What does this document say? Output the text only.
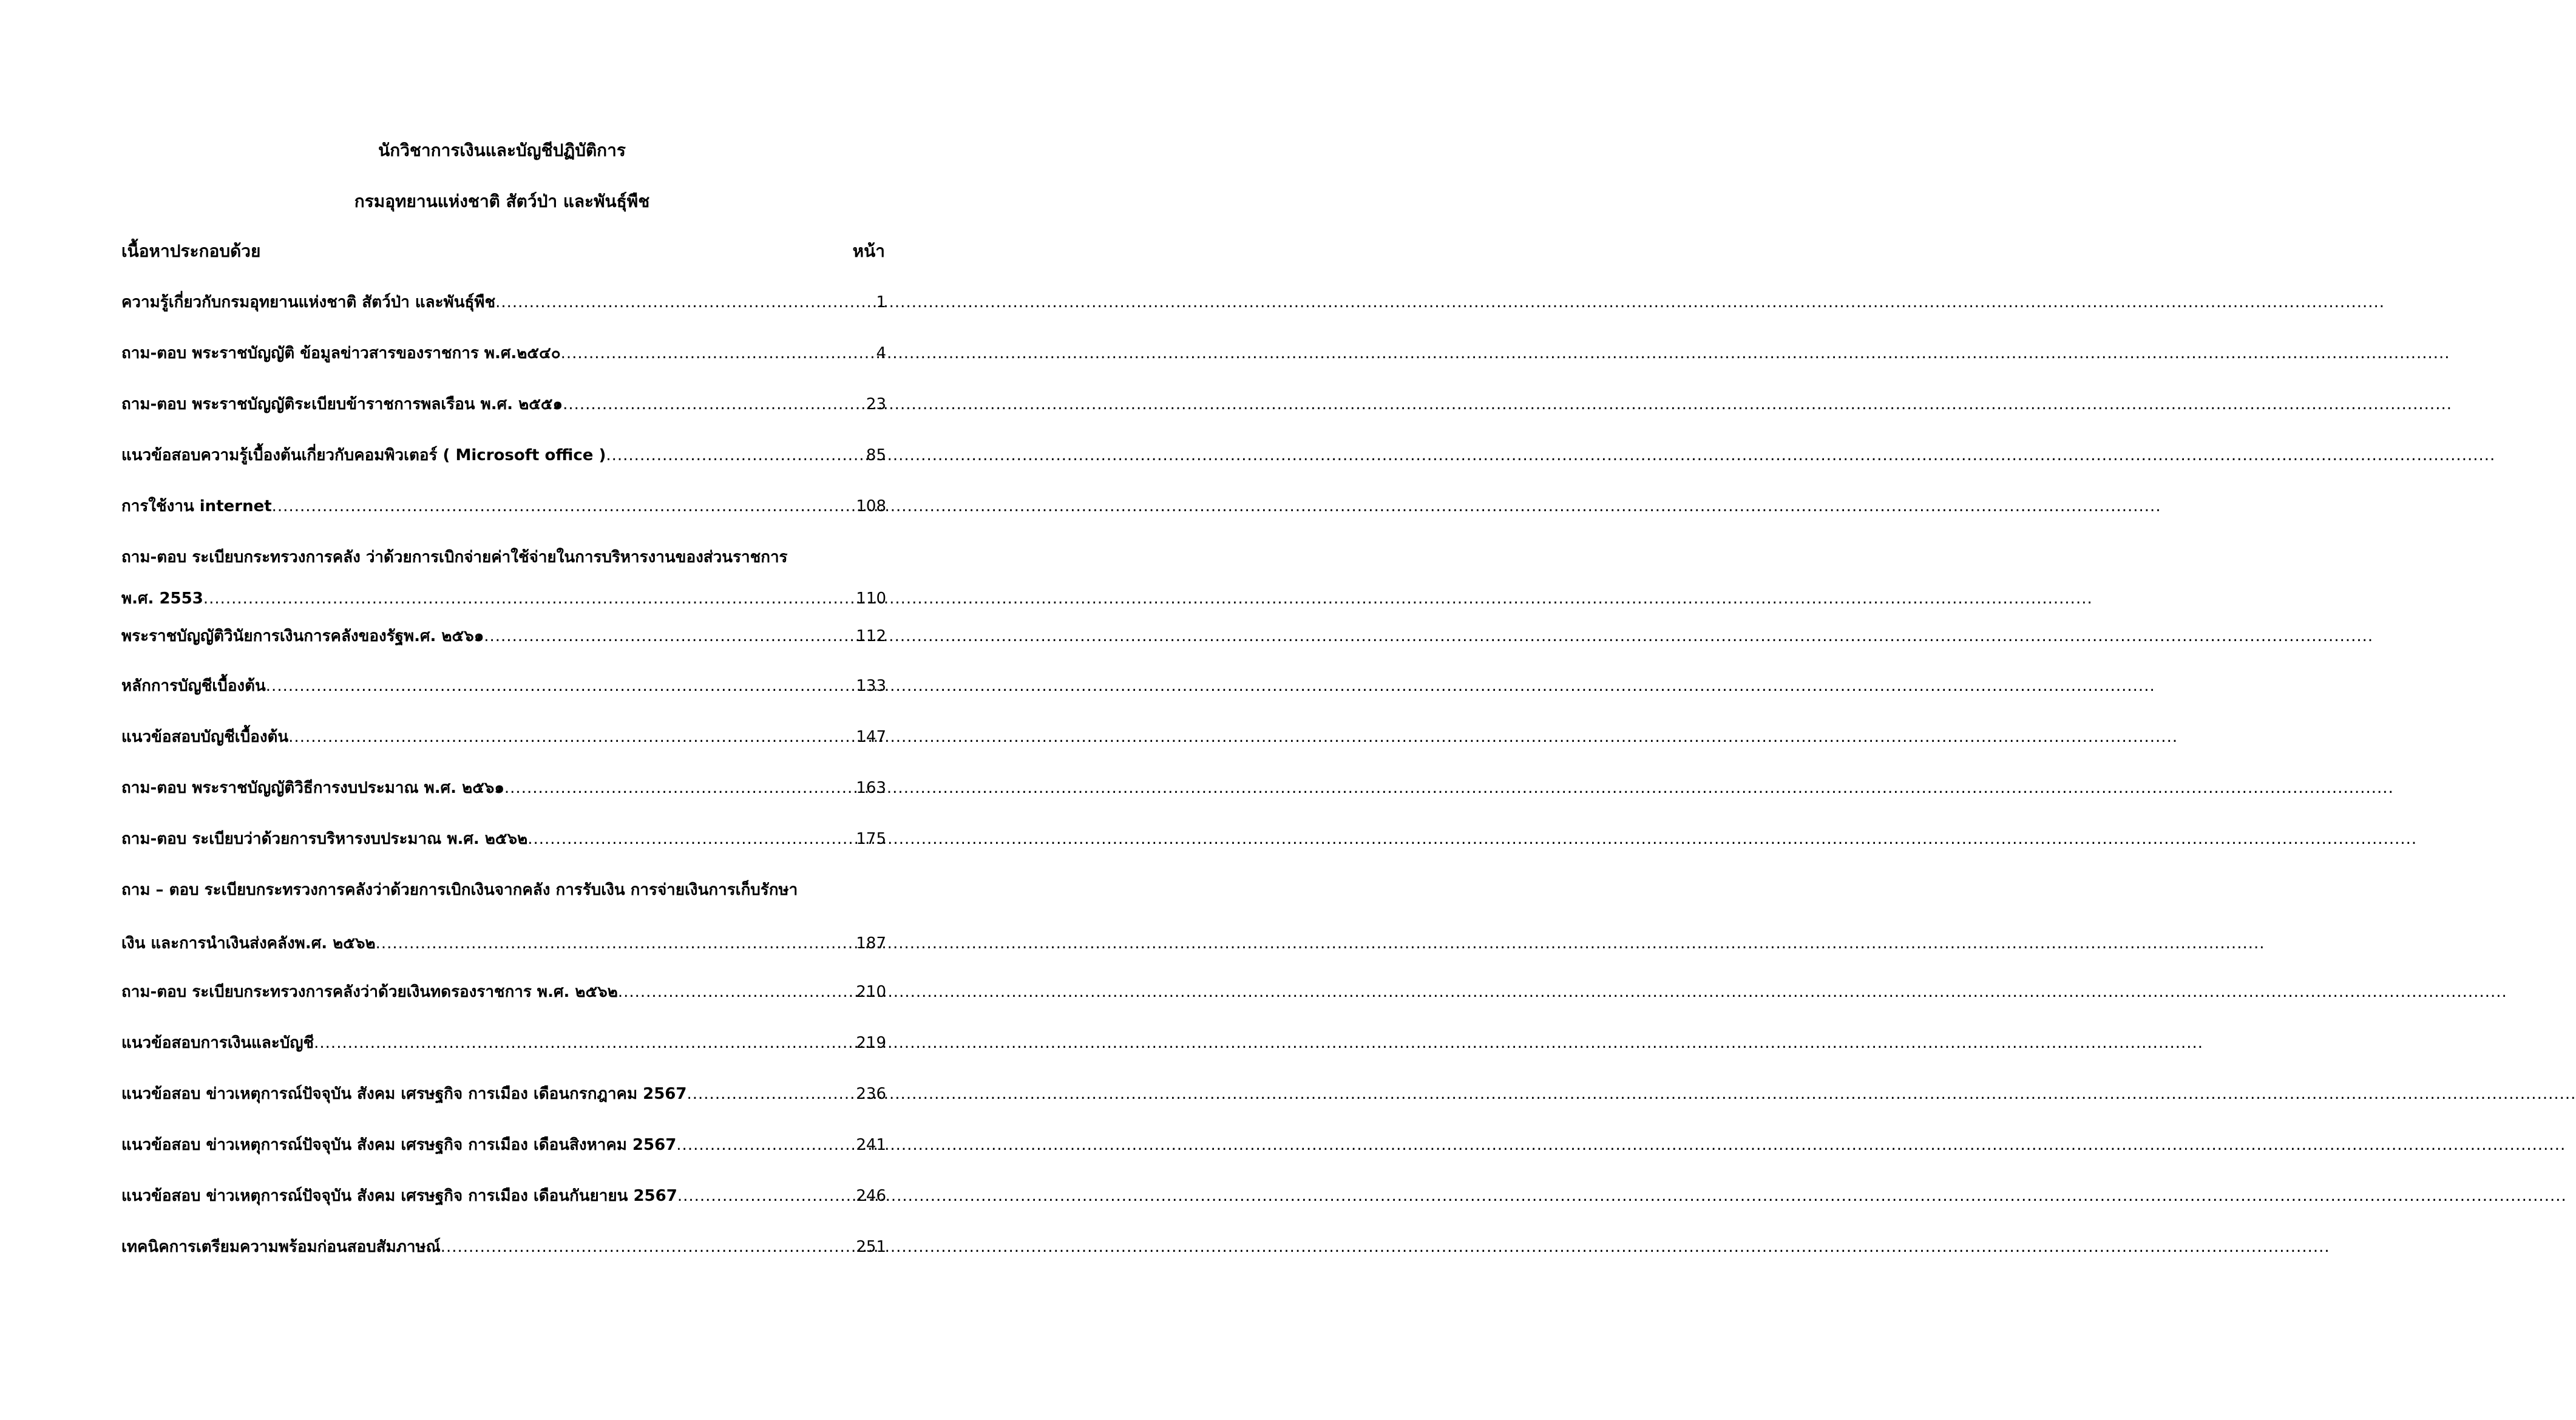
นักวิชาการเงินและบัญชีปฏิบัติการ
กรมอุทยานแห่งชาติ สัตว์ป่า และพันธุ์พืช
เนื้อหาประกอบด้วย	หน้า
ความรู้เกี่ยวกับกรมอุทยานแห่งชาติ สัตว์ป่า และพันธุ์พืช .....	1
ถาม-ตอบ พระราชบัญญัติ ข้อมูลข่าวสารของราชการ พ.ศ.๒๕๔๐ .....	4
ถาม-ตอบ พระราชบัญญัติระเบียบข้าราชการพลเรือน พ.ศ. ๒๕๕๑ .....	23
แนวข้อสอบความรู้เบื้องต้นเกี่ยวกับคอมพิวเตอร์ ( Microsoft office ) .....	85
การใช้งาน internet .....	108
ถาม-ตอบ ระเบียบกระทรวงการคลัง ว่าด้วยการเบิกจ่ายค่าใช้จ่ายในการบริหารงานของส่วนราชการ
พ.ศ. 2553 .....	110
พระราชบัญญัติวินัยการเงินการคลังของรัฐพ.ศ. ๒๕๖๑ .....	112
หลักการบัญชีเบื้องต้น .....	133
แนวข้อสอบบัญชีเบื้องต้น .....	147
ถาม-ตอบ พระราชบัญญัติวิธีการงบประมาณ พ.ศ. ๒๕๖๑ .....	163
ถาม-ตอบ ระเบียบว่าด้วยการบริหารงบประมาณ พ.ศ. ๒๕๖๒ .....	175
ถาม – ตอบ ระเบียบกระทรวงการคลังว่าด้วยการเบิกเงินจากคลัง การรับเงิน การจ่ายเงินการเก็บรักษา
เงิน และการนำเงินส่งคลังพ.ศ. ๒๕๖๒ .....	187
ถาม-ตอบ ระเบียบกระทรวงการคลังว่าด้วยเงินทดรองราชการ พ.ศ. ๒๕๖๒ .....	210
แนวข้อสอบการเงินและบัญชี .....	219
แนวข้อสอบ ข่าวเหตุการณ์ปัจจุบัน สังคม เศรษฐกิจ การเมือง เดือนกรกฎาคม 2567 .....	236
แนวข้อสอบ ข่าวเหตุการณ์ปัจจุบัน สังคม เศรษฐกิจ การเมือง เดือนสิงหาคม 2567 .....	241
แนวข้อสอบ ข่าวเหตุการณ์ปัจจุบัน สังคม เศรษฐกิจ การเมือง เดือนกันยายน 2567 .....	246
เทคนิคการเตรียมความพร้อมก่อนสอบสัมภาษณ์ .....	251
